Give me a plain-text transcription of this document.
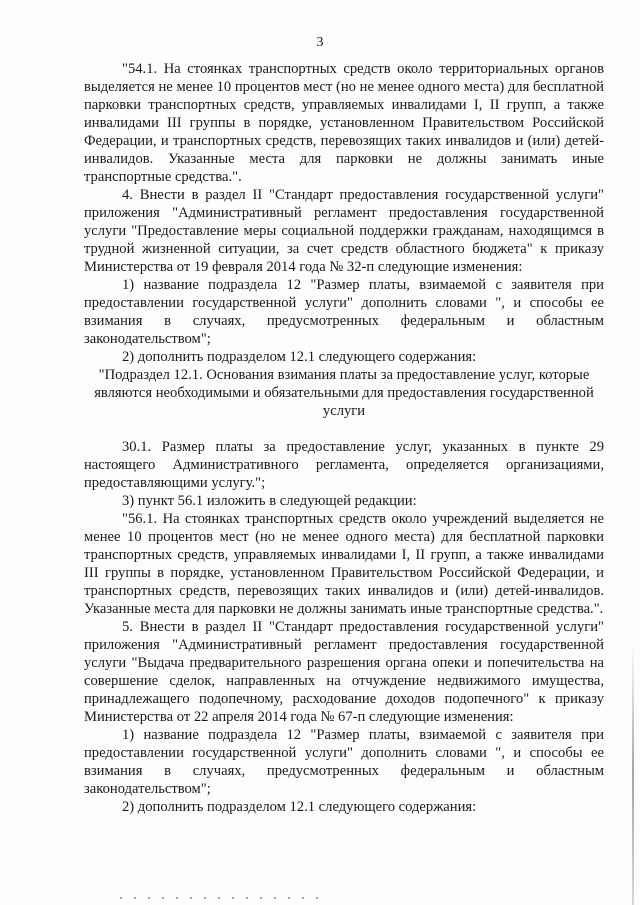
3

"54.1. На стоянках транспортных средств около территориальных органов выделяется не менее 10 процентов мест (но не менее одного места) для бесплатной парковки транспортных средств, управляемых инвалидами I, II групп, а также инвалидами III группы в порядке, установленном Правительством Российской Федерации, и транспортных средств, перевозящих таких инвалидов и (или) детей-инвалидов. Указанные места для парковки не должны занимать иные транспортные средства.".

4. Внести в раздел II "Стандарт предоставления государственной услуги" приложения "Административный регламент предоставления государственной услуги "Предоставление меры социальной поддержки гражданам, находящимся в трудной жизненной ситуации, за счет средств областного бюджета" к приказу Министерства от 19 февраля 2014 года № 32-п следующие изменения:

1) название подраздела 12 "Размер платы, взимаемой с заявителя при предоставлении государственной услуги" дополнить словами ", и способы ее взимания в случаях, предусмотренных федеральным и областным законодательством";

2) дополнить подразделом 12.1 следующего содержания:

"Подраздел 12.1. Основания взимания платы за предоставление услуг, которые являются необходимыми и обязательными для предоставления государственной услуги

30.1. Размер платы за предоставление услуг, указанных в пункте 29 настоящего Административного регламента, определяется организациями, предоставляющими услугу.";

3) пункт 56.1 изложить в следующей редакции:

"56.1. На стоянках транспортных средств около учреждений выделяется не менее 10 процентов мест (но не менее одного места) для бесплатной парковки транспортных средств, управляемых инвалидами I, II групп, а также инвалидами III группы в порядке, установленном Правительством Российской Федерации, и транспортных средств, перевозящих таких инвалидов и (или) детей-инвалидов. Указанные места для парковки не должны занимать иные транспортные средства.".

5. Внести в раздел II "Стандарт предоставления государственной услуги" приложения "Административный регламент предоставления государственной услуги "Выдача предварительного разрешения органа опеки и попечительства на совершение сделок, направленных на отчуждение недвижимого имущества, принадлежащего подопечному, расходование доходов подопечного" к приказу Министерства от 22 апреля 2014 года № 67-п следующие изменения:

1) название подраздела 12 "Размер платы, взимаемой с заявителя при предоставлении государственной услуги" дополнить словами ", и способы ее взимания в случаях, предусмотренных федеральным и областным законодательством";

2) дополнить подразделом 12.1 следующего содержания:
